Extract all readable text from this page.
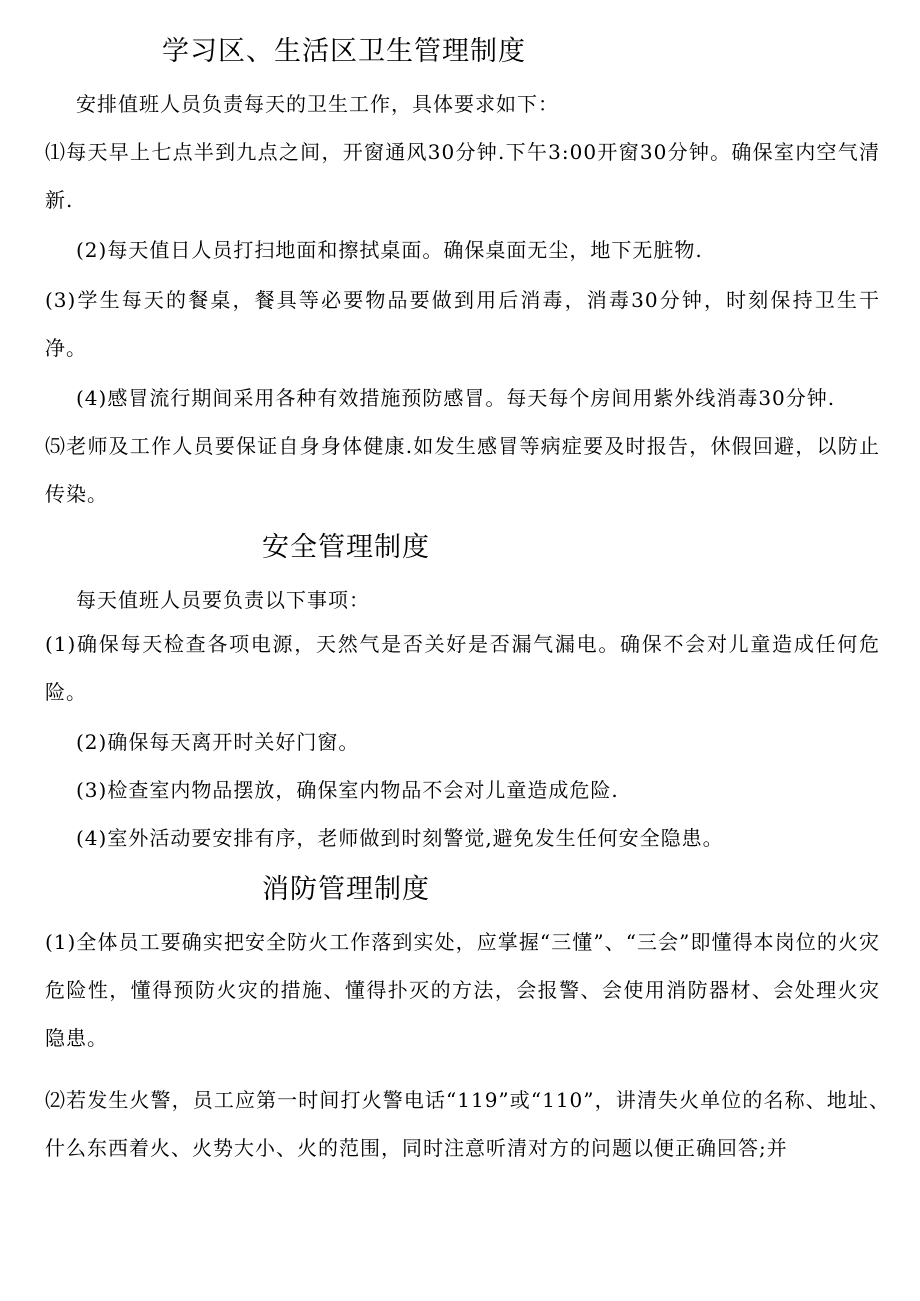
学习区、生活区卫生管理制度
安排值班人员负责每天的卫生工作，具体要求如下：
⑴每天早上七点半到九点之间，开窗通风30分钟.下午3:00开窗30分钟。确保室内空气清新.
(2)每天值日人员打扫地面和擦拭桌面。确保桌面无尘，地下无脏物.
(3)学生每天的餐桌，餐具等必要物品要做到用后消毒，消毒30分钟，时刻保持卫生干净。
(4)感冒流行期间采用各种有效措施预防感冒。每天每个房间用紫外线消毒30分钟.
⑸老师及工作人员要保证自身身体健康.如发生感冒等病症要及时报告，休假回避，以防止传染。
安全管理制度
每天值班人员要负责以下事项：
(1)确保每天检查各项电源，天然气是否关好是否漏气漏电。确保不会对儿童造成任何危险。
(2)确保每天离开时关好门窗。
(3)检查室内物品摆放，确保室内物品不会对儿童造成危险.
(4)室外活动要安排有序，老师做到时刻警觉,避免发生任何安全隐患。
消防管理制度
(1)全体员工要确实把安全防火工作落到实处，应掌握“三懂”、“三会”即懂得本岗位的火灾危险性，懂得预防火灾的措施、懂得扑灭的方法，会报警、会使用消防器材、会处理火灾隐患。
⑵若发生火警，员工应第一时间打火警电话“119”或“110”，讲清失火单位的名称、地址、什么东西着火、火势大小、火的范围，同时注意听清对方的问题以便正确回答;并
